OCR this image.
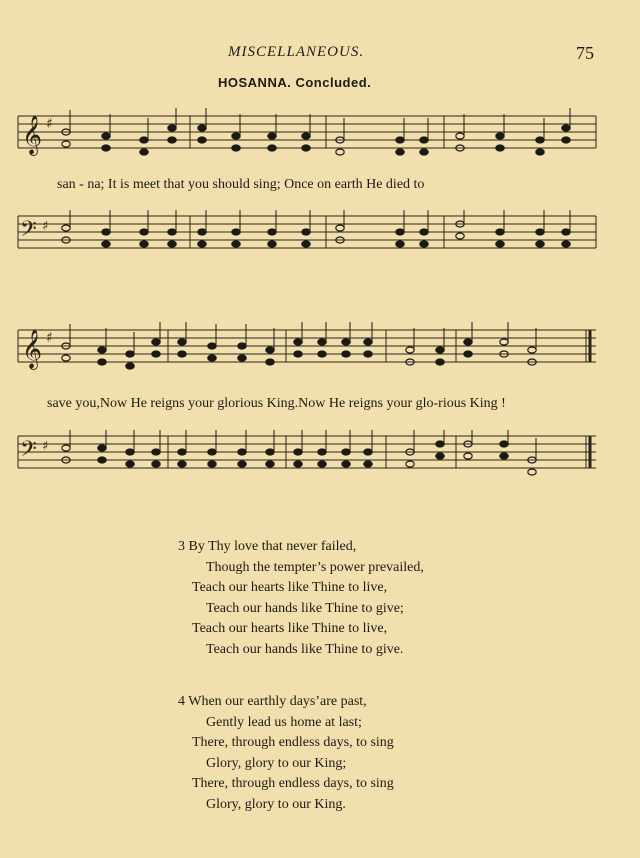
MISCELLANEOUS.	75
HOSANNA. Concluded.
𝄞 ♯
san - na; It is meet that you should sing; Once on earth He died to
𝄢 ♯
𝄞 ♯
save you,Now He reigns your glorious King.Now He reigns your glo-rious King !
𝄢 ♯
3 By Thy love that never failed,
Though the tempter’s power prevailed,
Teach our hearts like Thine to live,
Teach our hands like Thine to give;
Teach our hearts like Thine to live,
Teach our hands like Thine to give.
4 When our earthly days’are past,
Gently lead us home at last;
There, through endless days, to sing
Glory, glory to our King;
There, through endless days, to sing
Glory, glory to our King.
